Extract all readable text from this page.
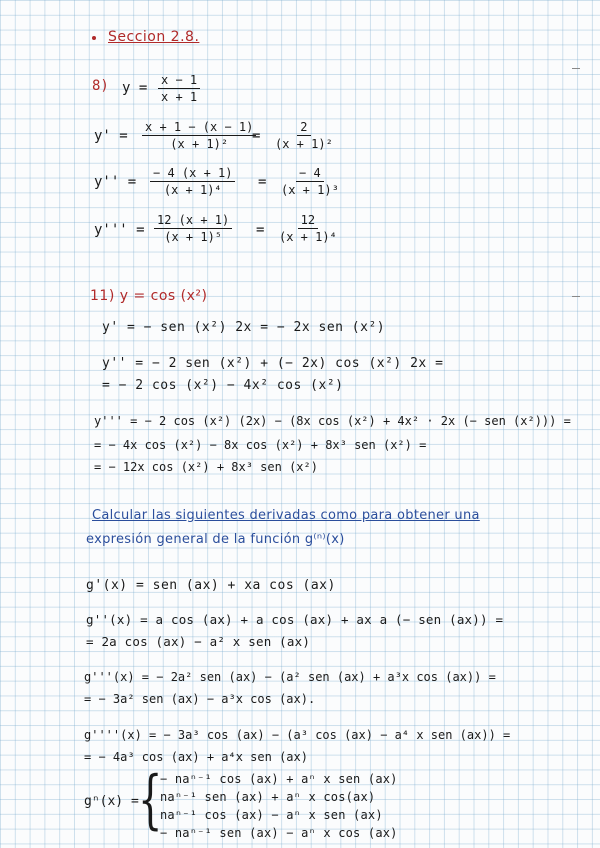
Seccion 2.8.
8) $y = \frac{x - 1}{x + 1}$
$y' = \frac{x + 1 - (x - 1)}{\text{(x + 1)²}}$
= $\frac{2}{\text{(x + 1)²}}$
$y'' = \frac{- 4 (x + 1)}{\text{(x + 1)⁴}} = \frac{- 4}{\text{(x + 1)³}}$
$y''' = \frac{12 (x + 1)}{\text{(x + 1)⁵}} = \frac{12}{\text{(x + 1)⁴}}$
11) y = cos (x²)
y' = − sen (x²) 2x = − 2x sen (x²)
y'' = − 2 sen (x²) + (− 2x) cos (x²) 2x =
= − 2 cos (x²) − 4x² cos (x²)
y''' = − 2 cos (x²) (2x) − (8x cos (x²) + 4x² · 2x (− sen (x²))) =
= − 4x cos (x²) − 8x cos (x²) + 8x³ sen (x²) =
= − 12x cos (x²) + 8x³ sen (x²)
Calcular las siguientes derivadas como para obtener una
expresión general de la función g⁽ⁿ⁾(x)
g'(x) = sen (ax) + xa cos (ax)
g''(x) = a cos (ax) + a cos (ax) + ax a (− sen (ax)) =
= 2a cos (ax) − a² x sen (ax)
g'''(x) = − 2a² sen (ax) − (a² sen (ax) + a³x cos (ax)) =
= − 3a² sen (ax) − a³x cos (ax).
g''''(x) = − 3a³ cos (ax) − (a³ cos (ax) − a⁴ x sen (ax)) =
= − 4a³ cos (ax) + a⁴x sen (ax)
gⁿ(x) = {
− naⁿ⁻¹ cos (ax) + aⁿ x sen (ax)
naⁿ⁻¹ sen (ax) + aⁿ x cos(ax)
naⁿ⁻¹ cos (ax) − aⁿ x sen (ax)
− naⁿ⁻¹ sen (ax) − aⁿ x cos (ax)
